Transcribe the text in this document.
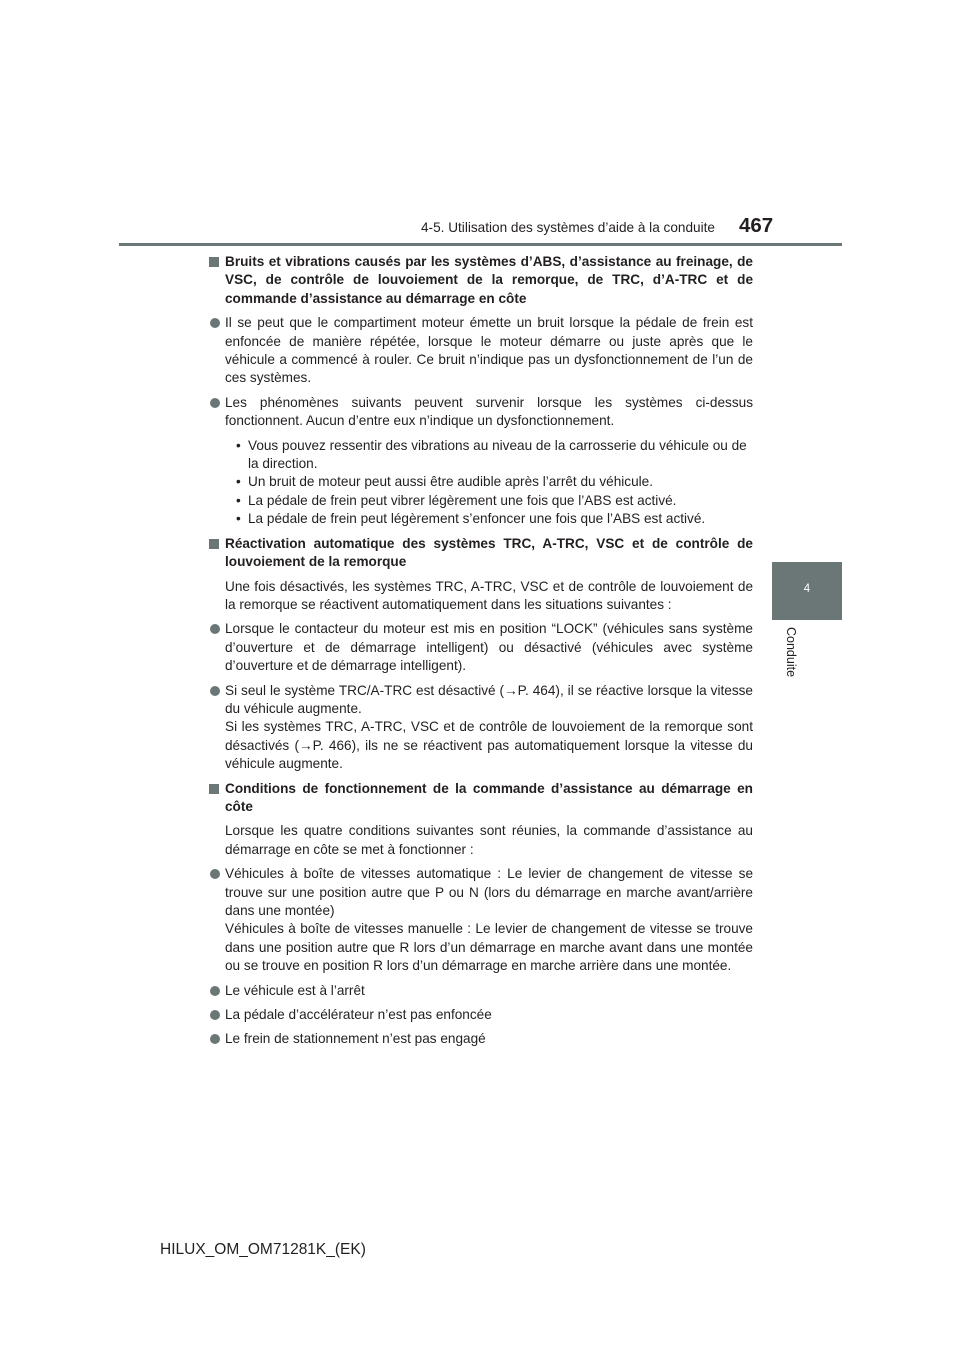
4-5. Utilisation des systèmes d’aide à la conduite 467
4
Conduite
Bruits et vibrations causés par les systèmes d’ABS, d’assistance au freinage, de VSC, de contrôle de louvoiement de la remorque, de TRC, d’A-TRC et de commande d’assistance au démarrage en côte
Il se peut que le compartiment moteur émette un bruit lorsque la pédale de frein est enfoncée de manière répétée, lorsque le moteur démarre ou juste après que le véhicule a commencé à rouler. Ce bruit n’indique pas un dysfonctionnement de l’un de ces systèmes.
Les phénomènes suivants peuvent survenir lorsque les systèmes ci-dessus fonctionnent. Aucun d’entre eux n’indique un dysfonctionnement.
• Vous pouvez ressentir des vibrations au niveau de la carrosserie du véhicule ou de la direction.
• Un bruit de moteur peut aussi être audible après l’arrêt du véhicule.
• La pédale de frein peut vibrer légèrement une fois que l’ABS est activé.
• La pédale de frein peut légèrement s’enfoncer une fois que l’ABS est activé.
Réactivation automatique des systèmes TRC, A-TRC, VSC et de contrôle de louvoiement de la remorque
Une fois désactivés, les systèmes TRC, A-TRC, VSC et de contrôle de louvoiement de la remorque se réactivent automatiquement dans les situations suivantes :
Lorsque le contacteur du moteur est mis en position “LOCK” (véhicules sans système d’ouverture et de démarrage intelligent) ou désactivé (véhicules avec système d’ouverture et de démarrage intelligent).
Si seul le système TRC/A-TRC est désactivé (→P. 464), il se réactive lorsque la vitesse du véhicule augmente.
Si les systèmes TRC, A-TRC, VSC et de contrôle de louvoiement de la remorque sont désactivés (→P. 466), ils ne se réactivent pas automatiquement lorsque la vitesse du véhicule augmente.
Conditions de fonctionnement de la commande d’assistance au démarrage en côte
Lorsque les quatre conditions suivantes sont réunies, la commande d’assistance au démarrage en côte se met à fonctionner :
Véhicules à boîte de vitesses automatique : Le levier de changement de vitesse se trouve sur une position autre que P ou N (lors du démarrage en marche avant/arrière dans une montée)
Véhicules à boîte de vitesses manuelle : Le levier de changement de vitesse se trouve dans une position autre que R lors d’un démarrage en marche avant dans une montée ou se trouve en position R lors d’un démarrage en marche arrière dans une montée.
Le véhicule est à l’arrêt
La pédale d’accélérateur n’est pas enfoncée
Le frein de stationnement n’est pas engagé
HILUX_OM_OM71281K_(EK)
